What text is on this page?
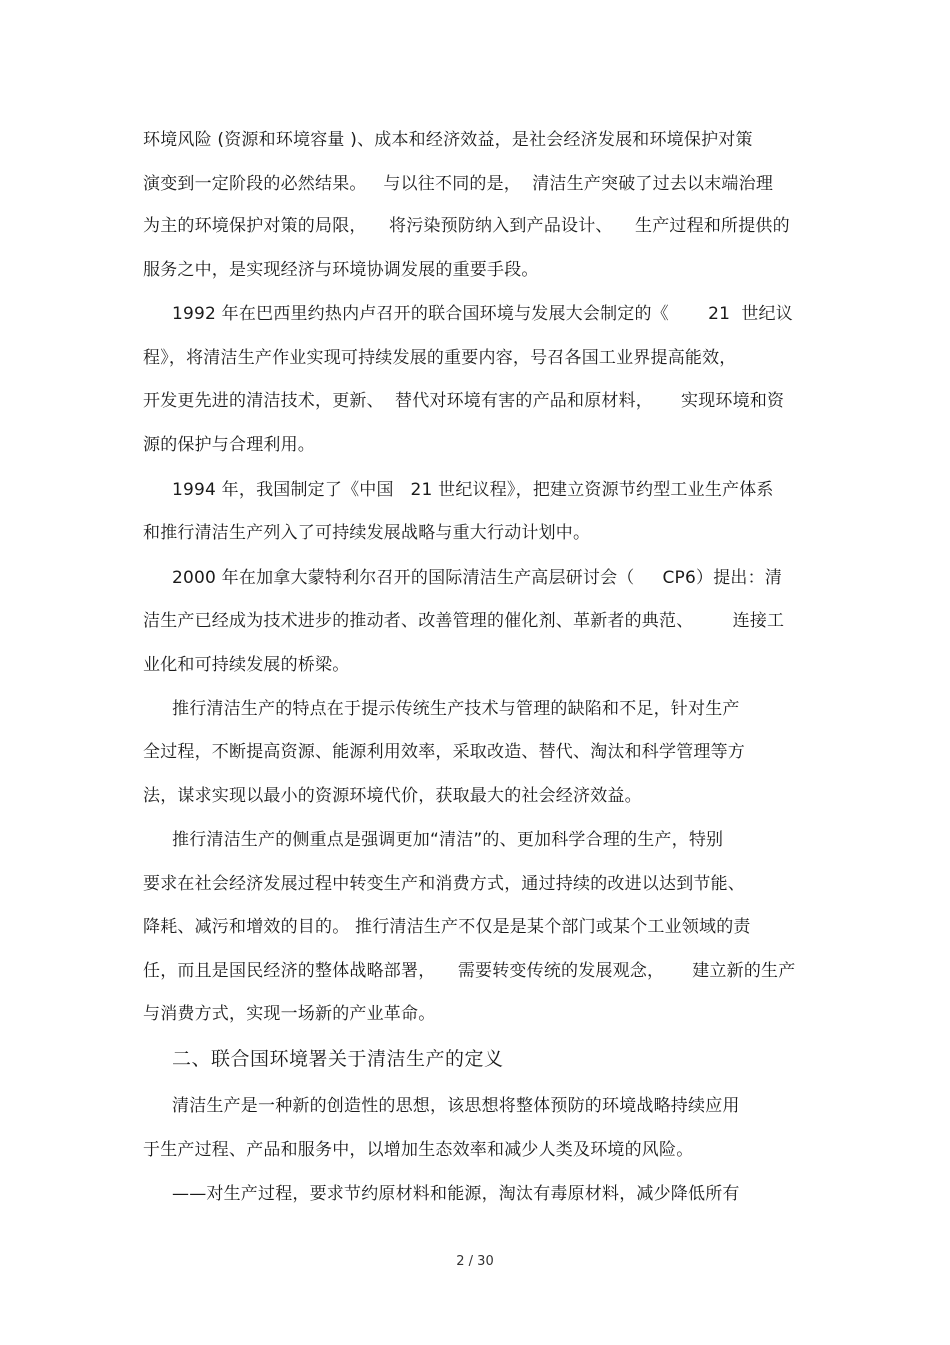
环境风险 (资源和环境容量 )、成本和经济效益，是社会经济发展和环境保护对策
演变到一定阶段的必然结果。   与以往不同的是，  清洁生产突破了过去以末端治理
为主的环境保护对策的局限，    将污染预防纳入到产品设计、    生产过程和所提供的
服务之中，是实现经济与环境协调发展的重要手段。
1992 年在巴西里约热内卢召开的联合国环境与发展大会制定的《       21  世纪议
程》，将清洁生产作业实现可持续发展的重要内容，号召各国工业界提高能效，
开发更先进的清洁技术，更新、  替代对环境有害的产品和原材料，     实现环境和资
源的保护与合理利用。
1994 年，我国制定了《中国   21 世纪议程》，把建立资源节约型工业生产体系
和推行清洁生产列入了可持续发展战略与重大行动计划中。
2000 年在加拿大蒙特利尔召开的国际清洁生产高层研讨会（     CP6）提出：清
洁生产已经成为技术进步的推动者、改善管理的催化剂、革新者的典范、       连接工
业化和可持续发展的桥梁。
推行清洁生产的特点在于提示传统生产技术与管理的缺陷和不足，针对生产
全过程，不断提高资源、能源利用效率，采取改造、替代、淘汰和科学管理等方
法，谋求实现以最小的资源环境代价，获取最大的社会经济效益。
推行清洁生产的侧重点是强调更加“清洁”的、更加科学合理的生产，特别
要求在社会经济发展过程中转变生产和消费方式，通过持续的改进以达到节能、
降耗、减污和增效的目的。 推行清洁生产不仅是是某个部门或某个工业领域的责
任，而且是国民经济的整体战略部署，    需要转变传统的发展观念，     建立新的生产
与消费方式，实现一场新的产业革命。
二、联合国环境署关于清洁生产的定义
清洁生产是一种新的创造性的思想，该思想将整体预防的环境战略持续应用
于生产过程、产品和服务中，以增加生态效率和减少人类及环境的风险。
——对生产过程，要求节约原材料和能源，淘汰有毒原材料，减少降低所有
2 / 30
